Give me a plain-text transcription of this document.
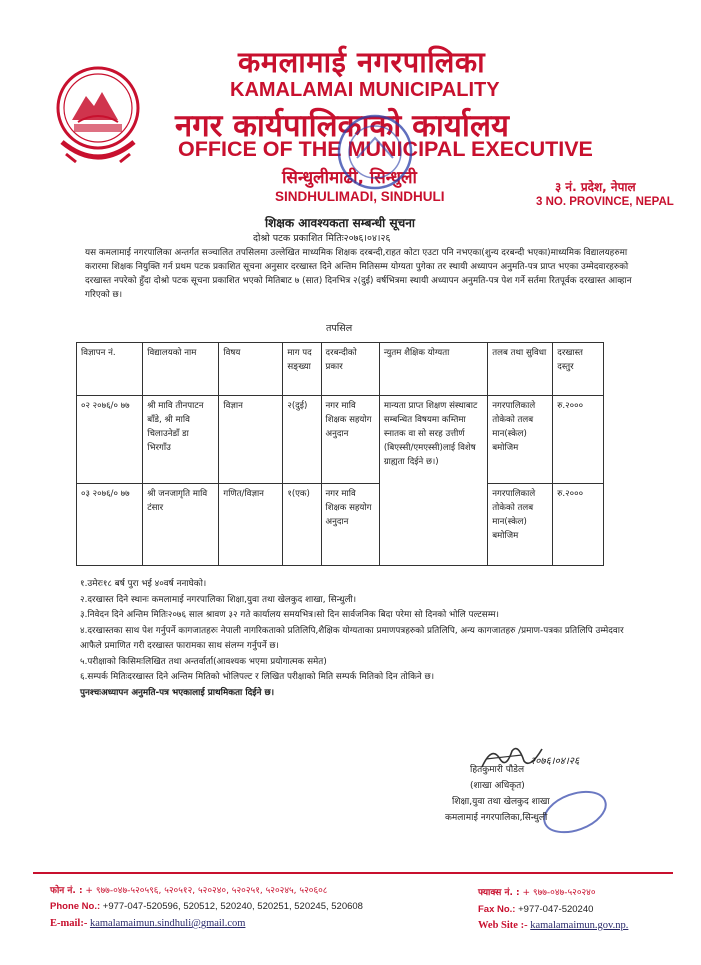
कमलामाई नगरपालिका
KAMALAMAI MUNICIPALITY
नगर कार्यपालिकाको कार्यालय
OFFICE OF THE MUNICIPAL EXECUTIVE
सिन्धुलीमाढी, सिन्धुली
SINDHULIMADI, SINDHULI
३ नं. प्रदेश, नेपाल
3 NO. PROVINCE, NEPAL
शिक्षक आवश्यकता सम्बन्धी सूचना
दोश्रो पटक प्रकाशित मितिः२०७६।०४।२६
यस कमलामाई नगरपालिका अन्तर्गत सञ्चालित तपसिलमा उल्लेखित माध्यमिक शिक्षक दरबन्दी,राहत कोटा एउटा पनि नभएका(शुन्य दरबन्दी भएका)माध्यमिक विद्यालयहरुमा करारमा शिक्षक नियुक्ति गर्न प्रथम पटक प्रकाशित सूचना अनुसार दरखास्त दिने अन्तिम मितिसम्म योग्यता पुगेका तर स्थायी अध्यापन अनुमति-पत्र प्राप्त भएका उम्मेदवारहरुको दरखास्त नपरेको हुँदा दोश्रो पटक सूचना प्रकाशित भएको मितिबाट ७ (सात) दिनभित्र २(दुई) वर्षभित्रमा स्थायी अध्यापन अनुमति-पत्र पेश गर्ने सर्तमा रितपूर्वक दरखास्त आव्हान गरिएको छ।
तपसिल
विज्ञापन नं.	विद्यालयको नाम	विषय	माग पद सङ्ख्या	दरबन्दीको प्रकार	न्युतम शैक्षिक योग्यता	तलब तथा सुविधा	दरखास्त दस्तुर
०२ २०७६/० ७७	श्री मावि तीनपाटन बाँडे, श्री मावि चिलाउनेडाँ डा भिरगाँउ	विज्ञान	२(दुई)	नगर मावि शिक्षक सहयोग अनुदान	मान्यता प्राप्त शिक्षण संस्थाबाट सम्बन्धित विषयमा कम्तिमा स्नातक वा सो सरह उत्तीर्ण (बिएस्सी/एमएस्सी)लाई विशेष ग्राह्यता दिईने छ।)	नगरपालिकाले तोकेको तलब मान(स्केल) बमोजिम	रु.२०००
०३ २०७६/० ७७	श्री जनजागृति मावि टंसार	गणित/विज्ञान	१(एक)	नगर मावि शिक्षक सहयोग अनुदान		नगरपालिकाले तोकेको तलब मान(स्केल) बमोजिम	रु.२०००
१.उमेरः१८ बर्ष पुरा भई ४०वर्ष ननाघेको।
२.दरखास्त दिने स्थानः कमलामाई नगरपालिका शिक्षा,युवा तथा खेलकुद शाखा, सिन्धुली।
३.निवेदन दिने अन्तिम मितिः२०७६ साल श्रावण ३२ गते कार्यालय समयभित्र।सो दिन सार्वजनिक बिदा परेमा सो दिनको भोलि पल्टसम्म।
४.दरखास्तका साथ पेश गर्नुपर्ने कागजातहरुः नेपाली नागरिकताको प्रतिलिपि,शैक्षिक योग्यताका प्रमाणपत्रहरुको प्रतिलिपि, अन्य कागजातहरु /प्रमाण-पत्रका प्रतिलिपि उम्मेदवार आफैले प्रमाणित गरी दरखास्त फारामका साथ संलग्न गर्नुपर्ने छ।
५.परीक्षाको किसिमःलिखित तथा अन्तर्वार्ता(आवश्यक भएमा प्रयोगात्मक समेत)
६.सम्पर्क मितिःदरखास्त दिने अन्तिम मितिको भोलिपल्ट र लिखित परीक्षाको मिति सम्पर्क मितिको दिन तोकिने छ।
पुनश्चःअध्यापन अनुमति-पत्र भएकालाई प्राथमिकता दिईने छ।
२०७६।०४।२६
हितकुमारी पौडेल
(शाखा अधिकृत)
शिक्षा,युवा तथा खेलकुद शाखा
कमलामाई नगरपालिका,सिन्धुली
फोन नं. : + ९७७-०४७-५२०५९६, ५२०५१२, ५२०२४०, ५२०२५१, ५२०२४५, ५२०६०८
Phone No.: +977-047-520596, 520512, 520240, 520251, 520245, 520608
E-mail:- kamalamaimun.sindhuli@gmail.com
फ्याक्स नं. : + ९७७-०४७-५२०२४०
Fax No.: +977-047-520240
Web Site :- kamalamaimun.gov.np.
